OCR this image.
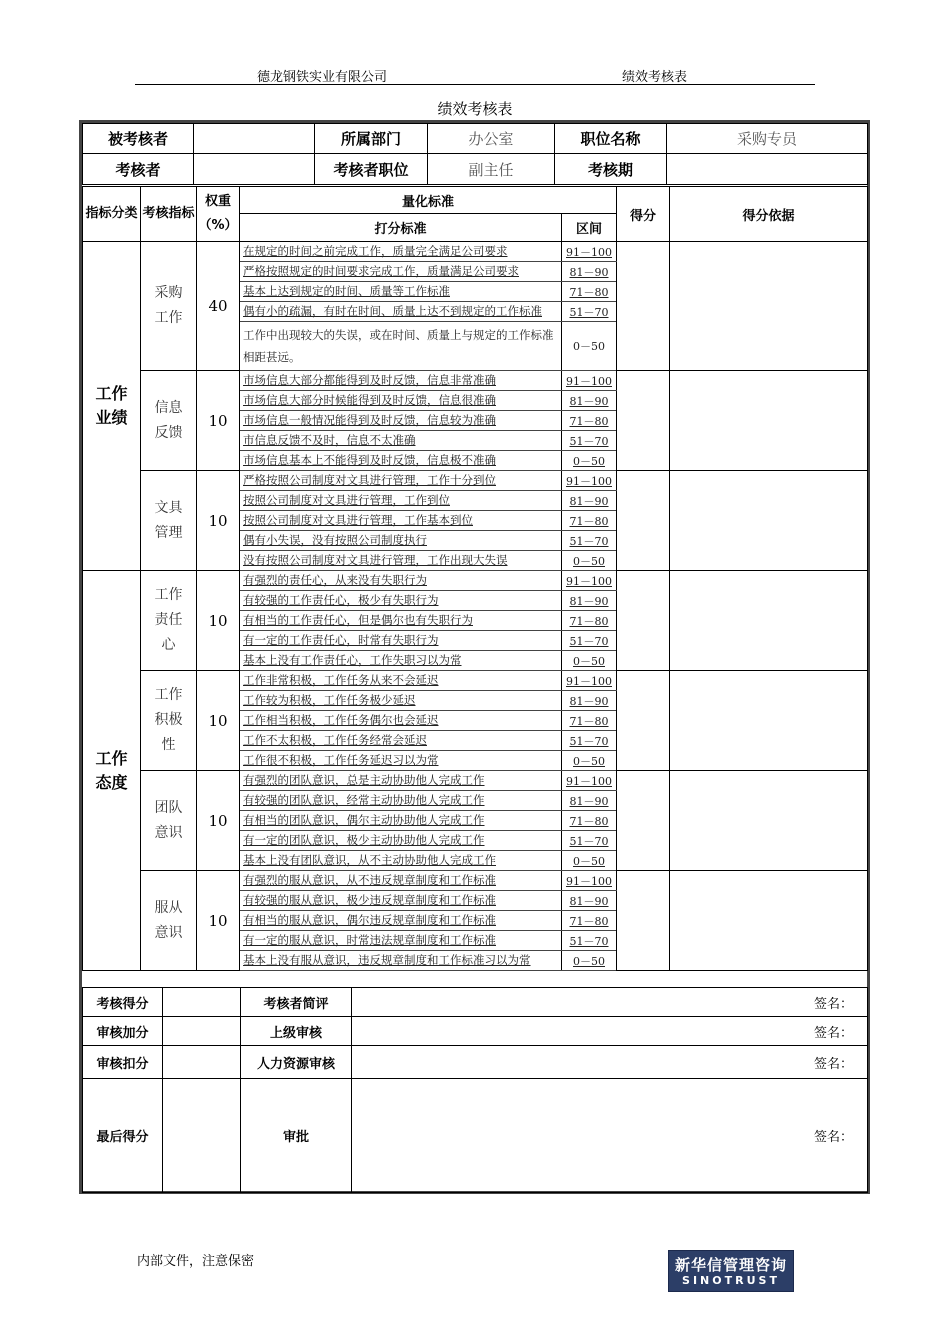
德龙钢铁实业有限公司	绩效考核表
绩效考核表
被考核者		所属部门	办公室	职位名称	采购专员
考核者		考核者职位	副主任	考核期	
指标分类	考核指标	权重（%）	量化标准		得分	得分依据
			打分标准	区间		
工作
业绩	采购工作	40	在规定的时间之前完成工作，质量完全满足公司要求	91－100		
			严格按照规定的时间要求完成工作，质量满足公司要求	81－90		
			基本上达到规定的时间、质量等工作标准	71－80		
			偶有小的疏漏，有时在时间、质量上达不到规定的工作标准	51－70		
			工作中出现较大的失误，或在时间、质量上与规定的工作标准相距甚远。	0－50		
	信息反馈	10	市场信息大部分都能得到及时反馈，信息非常准确	91－100		
			市场信息大部分时候能得到及时反馈，信息很准确	81－90		
			市场信息一般情况能得到及时反馈，信息较为准确	71－80		
			市信息反馈不及时，信息不太准确	51－70		
			市场信息基本上不能得到及时反馈，信息极不准确	0－50		
	文具管理	10	严格按照公司制度对文具进行管理，工作十分到位	91－100		
			按照公司制度对文具进行管理，工作到位	81－90		
			按照公司制度对文具进行管理，工作基本到位	71－80		
			偶有小失误，没有按照公司制度执行	51－70		
			没有按照公司制度对文具进行管理，工作出现大失误	0－50		
工作
态度	工作责任心	10	有强烈的责任心，从来没有失职行为	91－100		
			有较强的工作责任心，极少有失职行为	81－90		
			有相当的工作责任心，但是偶尔也有失职行为	71－80		
			有一定的工作责任心，时常有失职行为	51－70		
			基本上没有工作责任心，工作失职习以为常	0－50		
	工作积极性	10	工作非常积极，工作任务从来不会延迟	91－100		
			工作较为积极，工作任务极少延迟	81－90		
			工作相当积极，工作任务偶尔也会延迟	71－80		
			工作不太积极，工作任务经常会延迟	51－70		
			工作很不积极，工作任务延迟习以为常	0－50		
	团队意识	10	有强烈的团队意识，总是主动协助他人完成工作	91－100		
			有较强的团队意识，经常主动协助他人完成工作	81－90		
			有相当的团队意识，偶尔主动协助他人完成工作	71－80		
			有一定的团队意识，极少主动协助他人完成工作	51－70		
			基本上没有团队意识，从不主动协助他人完成工作	0－50		
	服从意识	10	有强烈的服从意识，从不违反规章制度和工作标准	91－100		
			有较强的服从意识，极少违反规章制度和工作标准	81－90		
			有相当的服从意识，偶尔违反规章制度和工作标准	71－80		
			有一定的服从意识，时常违法规章制度和工作标准	51－70		
			基本上没有服从意识，违反规章制度和工作标准习以为常	0－50		
考核得分		考核者简评	签名：
审核加分		上级审核	签名：
审核扣分		人力资源审核	签名：
最后得分		审批	签名：
内部文件，注意保密	新华信管理咨询
SINOTRUST
